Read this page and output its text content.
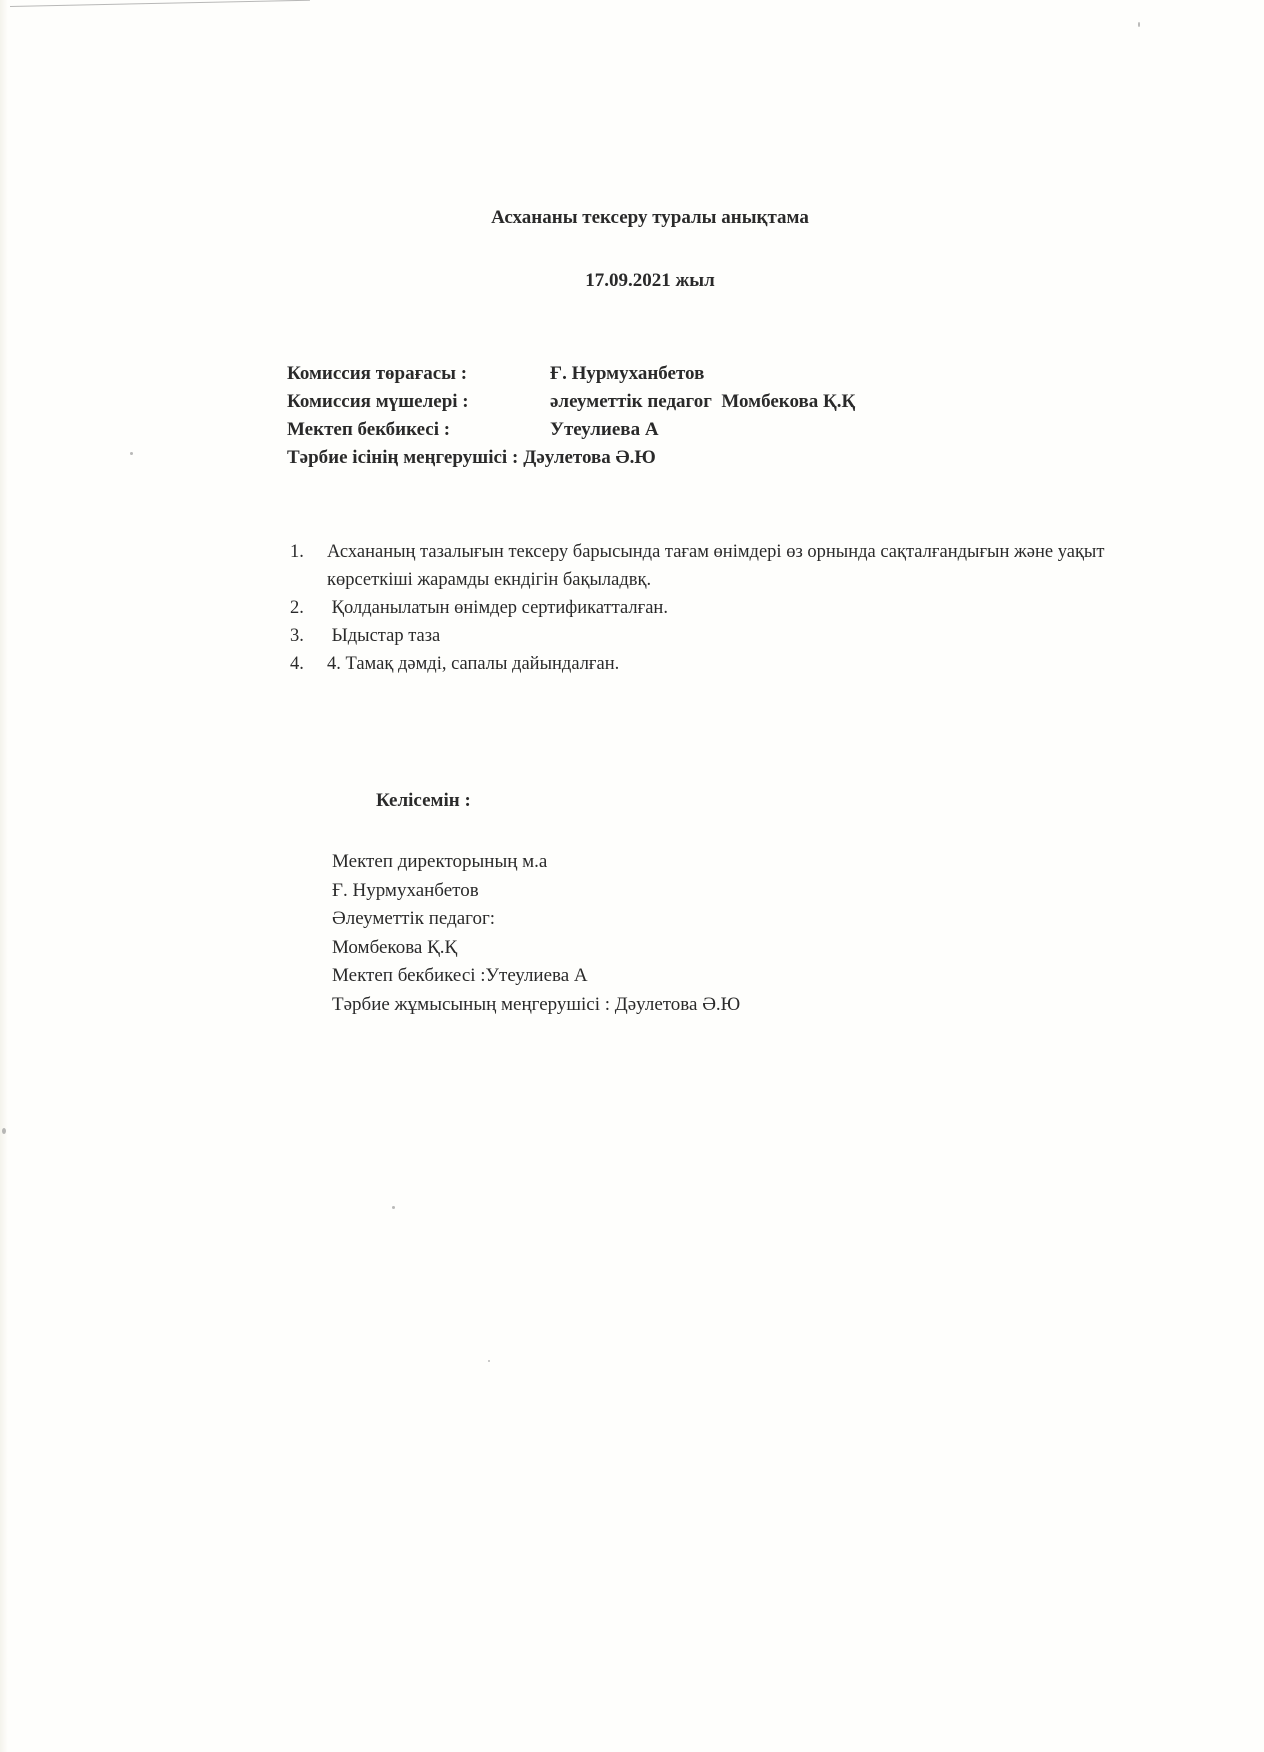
Асхананы тексеру туралы анықтама
17.09.2021 жыл
Комиссия төрағасы :	Ғ. Нурмуханбетов
Комиссия мүшелері :	әлеуметтік педагог  Момбекова Қ.Қ
Мектеп бекбикесі :	Утеулиева А
Тәрбие ісінің меңгерушісі : Дәулетова Ә.Ю
1.	Асхананың тазалығын тексеру барысында тағам өнімдері өз орнында сақталғандығын және уақыт көрсеткіші жарамды екндігін бақыладвқ.
2.	Қолданылатын өнімдер сертификатталған.
3.	Ыдыстар таза
4.	4. Тамақ дәмді, сапалы дайындалған.
Келісемін :
Мектеп директорының м.а
Ғ. Нурмуханбетов
Әлеуметтік педагог:
Момбекова Қ.Қ
Мектеп бекбикесі :Утеулиева А
Тәрбие жұмысының меңгерушісі : Дәулетова Ә.Ю
